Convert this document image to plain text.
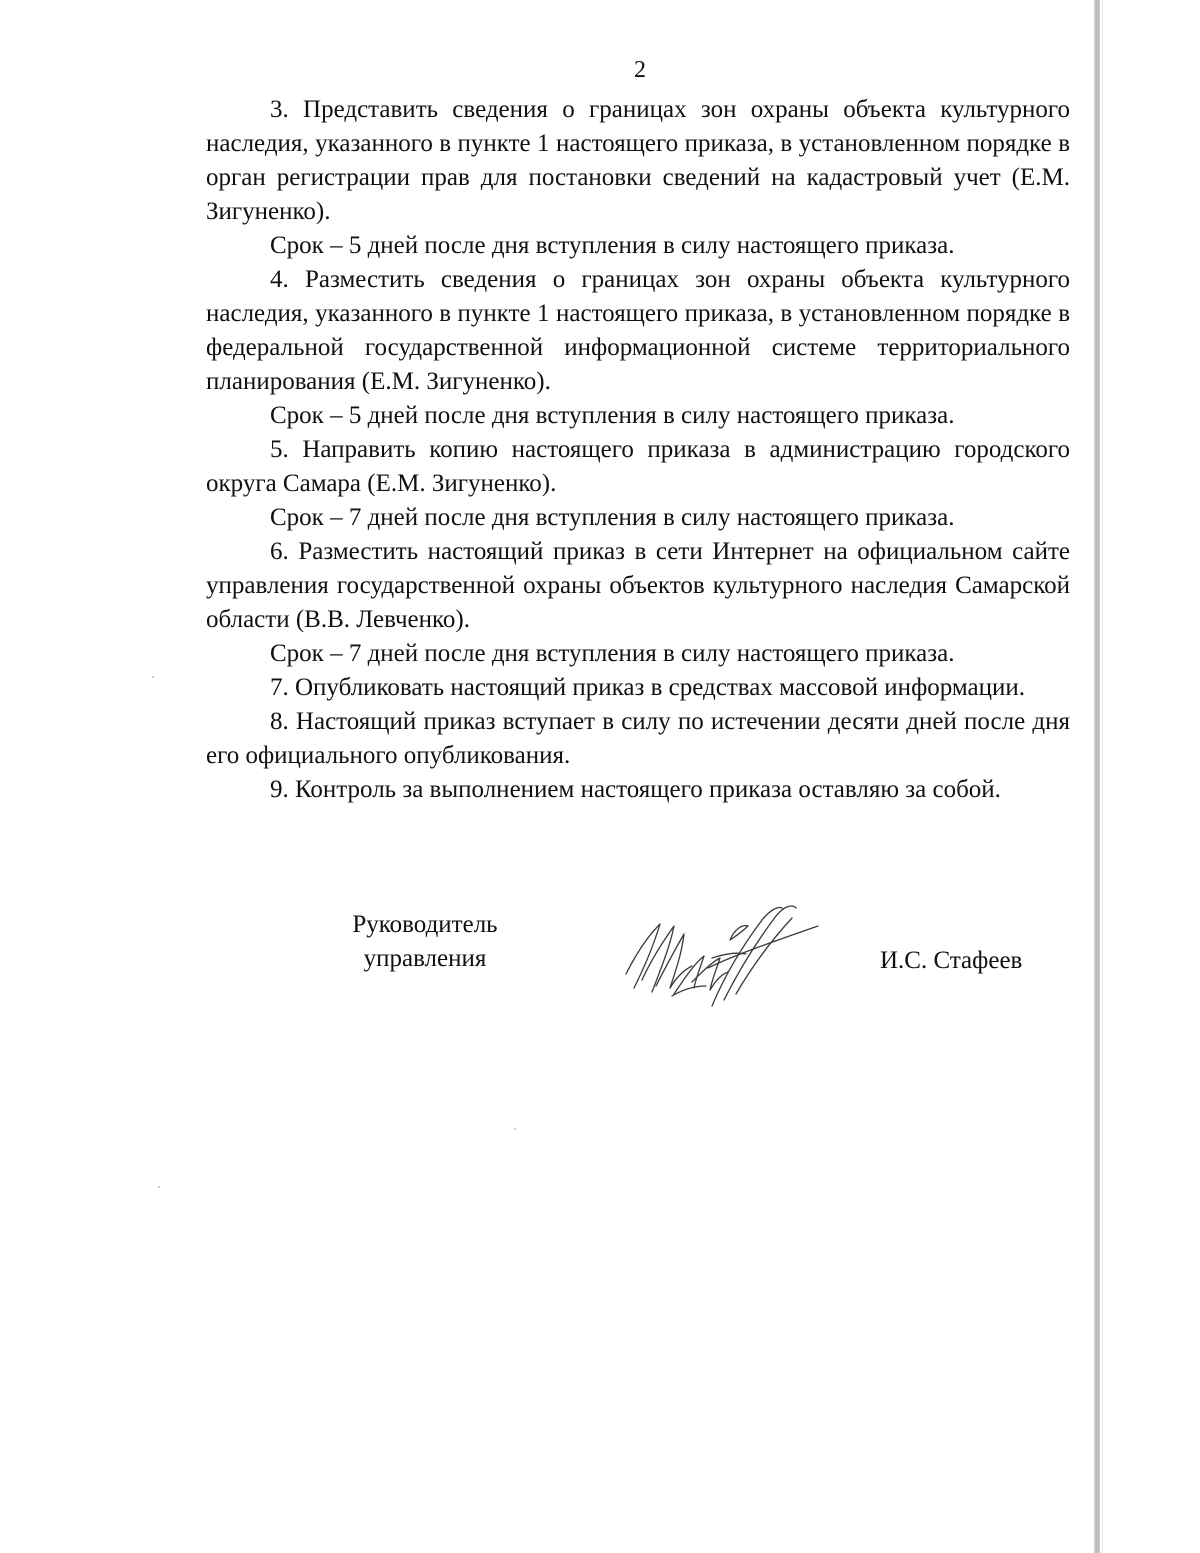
2

3. Представить сведения о границах зон охраны объекта культурного наследия, указанного в пункте 1 настоящего приказа, в установленном порядке в орган регистрации прав для постановки сведений на кадастровый учет (Е.М. Зигуненко).

Срок – 5 дней после дня вступления в силу настоящего приказа.

4. Разместить сведения о границах зон охраны объекта культурного наследия, указанного в пункте 1 настоящего приказа, в установленном порядке в федеральной государственной информационной системе территориального планирования (Е.М. Зигуненко).

Срок – 5 дней после дня вступления в силу настоящего приказа.

5. Направить копию настоящего приказа в администрацию городского округа Самара (Е.М. Зигуненко).

Срок – 7 дней после дня вступления в силу настоящего приказа.

6. Разместить настоящий приказ в сети Интернет на официальном сайте управления государственной охраны объектов культурного наследия Самарской области (В.В. Левченко).

Срок – 7 дней после дня вступления в силу настоящего приказа.

7. Опубликовать настоящий приказ в средствах массовой информации.

8. Настоящий приказ вступает в силу по истечении десяти дней после дня его официального опубликования.

9. Контроль за выполнением настоящего приказа оставляю за собой.

Руководитель
управления	И.С. Стафеев
